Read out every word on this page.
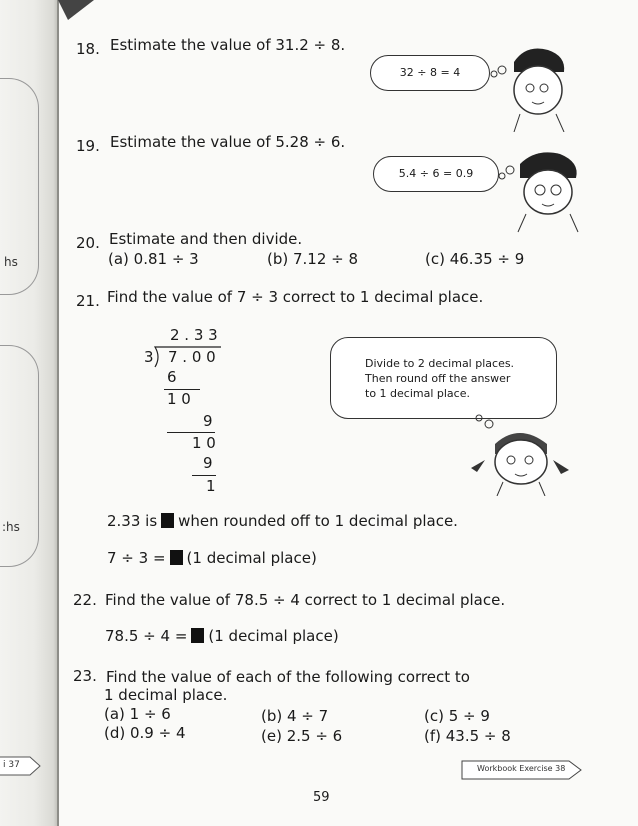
hs
:hs
i 37
18. Estimate the value of 31.2 ÷ 8.
32 ÷ 8 = 4
19. Estimate the value of 5.28 ÷ 6.
5.4 ÷ 6 = 0.9
20. Estimate and then divide.
(a) 0.81 ÷ 3	(b) 7.12 ÷ 8	(c) 46.35 ÷ 9
21. Find the value of 7 ÷ 3 correct to 1 decimal place.
2 . 3 3
3 7 . 0 0
6
1 0
9
1 0
9
1
Divide to 2 decimal places.
Then round off the answer
to 1 decimal place.
2.33 is when rounded off to 1 decimal place.
7 ÷ 3 = (1 decimal place)
22. Find the value of 78.5 ÷ 4 correct to 1 decimal place.
78.5 ÷ 4 = (1 decimal place)
23. Find the value of each of the following correct to
1 decimal place.
(a) 1 ÷ 6	(b) 4 ÷ 7	(c) 5 ÷ 9
(d) 0.9 ÷ 4	(e) 2.5 ÷ 6	(f) 43.5 ÷ 8
Workbook Exercise 38
59
